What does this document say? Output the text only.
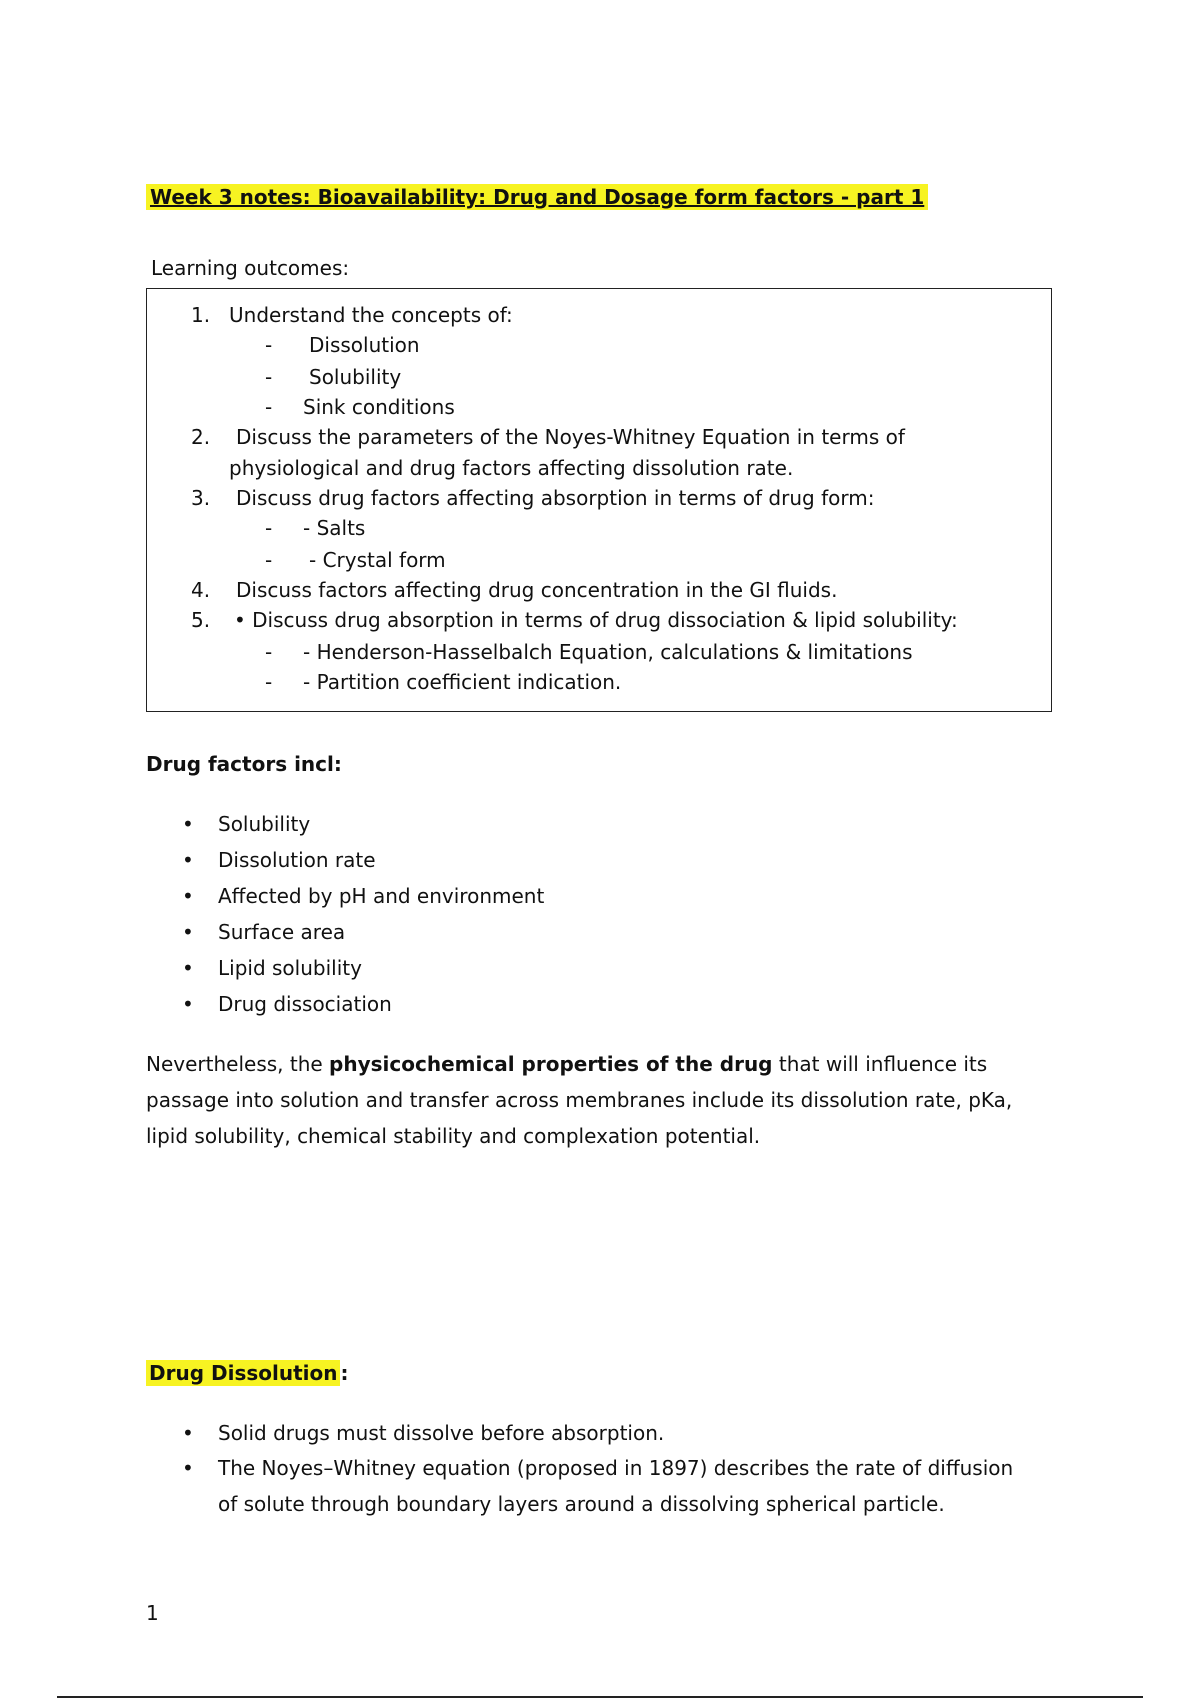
Week 3 notes: Bioavailability: Drug and Dosage form factors - part 1
Learning outcomes:
1. Understand the concepts of:
- Dissolution
- Solubility
- Sink conditions
2. Discuss the parameters of the Noyes-Whitney Equation in terms of
physiological and drug factors affecting dissolution rate.
3. Discuss drug factors affecting absorption in terms of drug form:
- - Salts
- - Crystal form
4. Discuss factors affecting drug concentration in the GI fluids.
5. • Discuss drug absorption in terms of drug dissociation & lipid solubility:
- - Henderson-Hasselbalch Equation, calculations & limitations
- - Partition coefficient indication.
Drug factors incl:
• Solubility
• Dissolution rate
• Affected by pH and environment
• Surface area
• Lipid solubility
• Drug dissociation
Nevertheless, the physicochemical properties of the drug that will influence its passage into solution and transfer across membranes include its dissolution rate, pKa, lipid solubility, chemical stability and complexation potential.
Drug Dissolution :
• Solid drugs must dissolve before absorption.
• The Noyes–Whitney equation (proposed in 1897) describes the rate of diffusion
of solute through boundary layers around a dissolving spherical particle.
1
